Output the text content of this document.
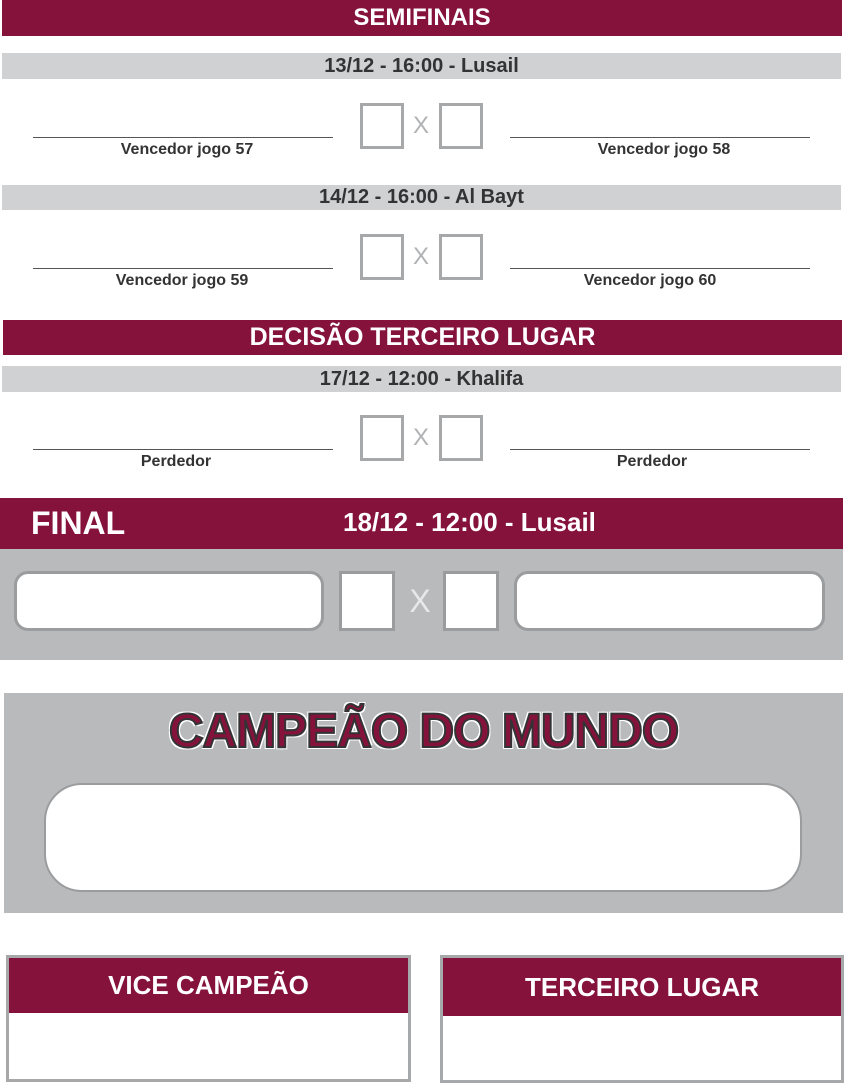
SEMIFINAIS
13/12 - 16:00 - Lusail
Vencedor jogo 57
X
Vencedor jogo 58
14/12 - 16:00 - Al Bayt
Vencedor jogo 59
X
Vencedor jogo 60
DECISÃO TERCEIRO LUGAR
17/12 - 12:00 - Khalifa
Perdedor
X
Perdedor
FINAL	18/12 - 12:00 - Lusail
X
CAMPEÃO DO MUNDO
VICE CAMPEÃO	TERCEIRO LUGAR
